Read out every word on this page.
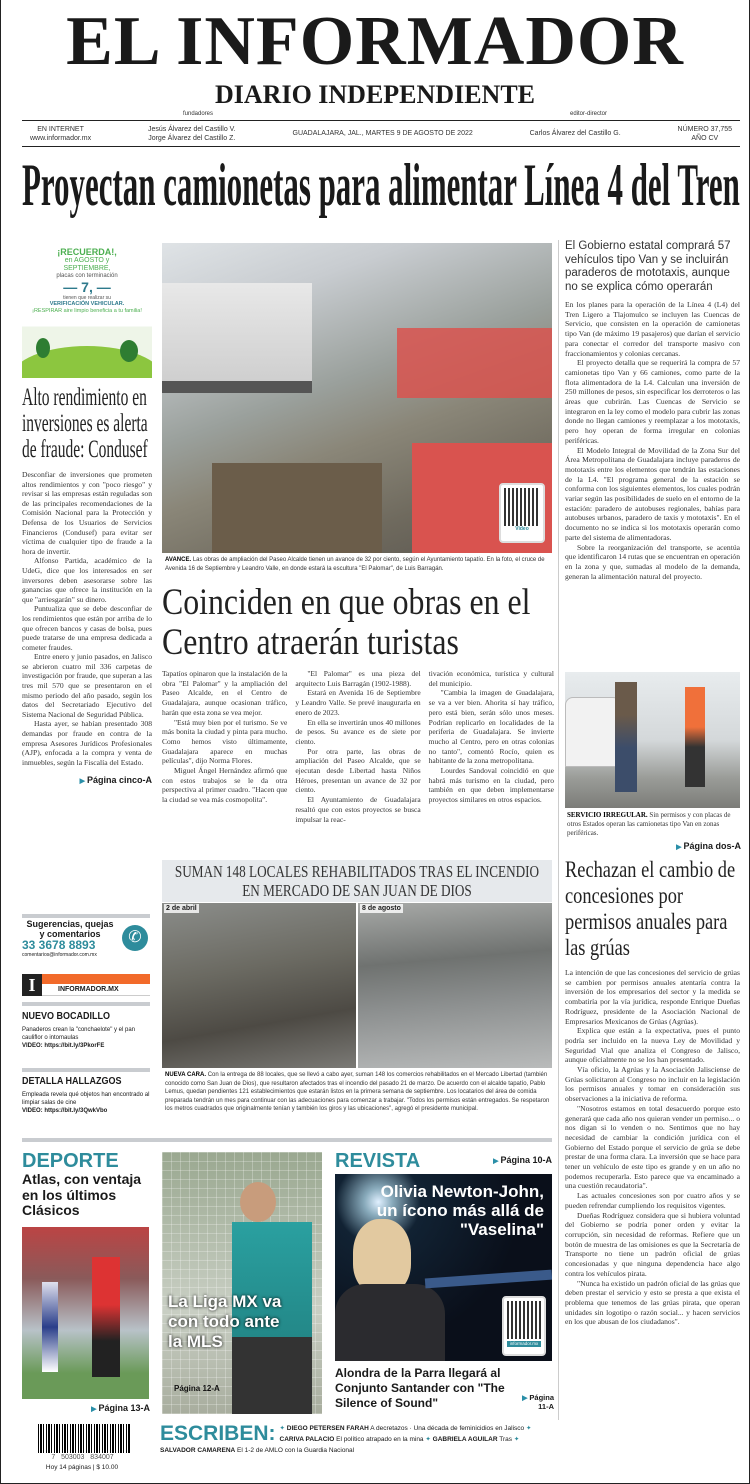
EL INFORMADOR
DIARIO INDEPENDIENTE
fundadores	editor-director
EN INTERNET
www.informador.mx
Jesús Álvarez del Castillo V.
Jorge Álvarez del Castillo Z.
GUADALAJARA, JAL., MARTES 9 DE AGOSTO DE 2022	Carlos Álvarez del Castillo G.
NÚMERO 37,755
AÑO CV
Proyectan camionetas para alimentar Línea 4 del Tren
¡RECUERDA!,
en AGOSTO y
SEPTIEMBRE,
placas con terminación
— 7, —
tienen que realizar su
VERIFICACIÓN VEHICULAR.
¡RESPIRAR aire limpio beneficia a tu familia!
Alto rendimiento en inversiones es alerta de fraude: Condusef

Desconfiar de inversiones que prometen altos rendimientos y con "poco riesgo" y revisar si las empresas están reguladas son de las principales recomendaciones de la Comisión Nacional para la Protección y Defensa de los Usuarios de Servicios Financieros (Condusef) para evitar ser víctima de cualquier tipo de fraude a la hora de invertir.

Alfonso Partida, académico de la UdeG, dice que los interesados en ser inversores deben asesorarse sobre las ganancias que ofrece la institución en la que "arriesgarán" su dinero.

Puntualiza que se debe desconfiar de los rendimientos que están por arriba de lo que ofrecen bancos y casas de bolsa, pues puede tratarse de una empresa dedicada a cometer fraudes.

Entre enero y junio pasados, en Jalisco se abrieron cuatro mil 336 carpetas de investigación por fraude, que superan a las tres mil 570 que se presentaron en el mismo periodo del año pasado, según los datos del Secretariado Ejecutivo del Sistema Nacional de Seguridad Pública.

Hasta ayer, se habían presentado 308 demandas por fraude en contra de la empresa Asesores Jurídicos Profesionales (AJP), enfocada a la compra y venta de inmuebles, según la Fiscalía del Estado.

▶ Página cinco-A
Sugerencias, quejas
y comentarios
33 3678 8893
comentarios@informador.com.mx
✆
I	INFORMADOR.MX
NUEVO BOCADILLO
Panaderos crean la "conchaelote" y el pan cauliflor o intomaulas
VIDEO: https://bit.ly/3PkorFE
DETALLA HALLAZGOS
Empleada revela qué objetos han encontrado al limpiar salas de cine
VIDEO: https://bit.ly/3QwkVbo
Video
AVANCE. Las obras de ampliación del Paseo Alcalde tienen un avance de 32 por ciento, según el Ayuntamiento tapatío. En la foto, el cruce de Avenida 16 de Septiembre y Leandro Valle, en donde estará la escultura "El Palomar", de Luis Barragán.
Coinciden en que obras en el Centro atraerán turistas

Tapatíos opinaron que la instalación de la obra "El Palomar" y la ampliación del Paseo Alcalde, en el Centro de Guadalajara, aunque ocasionan tráfico, harán que esta zona se vea mejor.

"Está muy bien por el turismo. Se ve más bonita la ciudad y pinta para mucho. Como hemos visto últimamente, Guadalajara aparece en muchas películas", dijo Norma Flores.

Miguel Ángel Hernández afirmó que con estos trabajos se le da otra perspectiva al primer cuadro. "Hacen que la ciudad se vea más cosmopolita".

"El Palomar" es una pieza del arquitecto Luis Barragán (1902-1988).

Estará en Avenida 16 de Septiembre y Leandro Valle. Se prevé inaugurarla en enero de 2023.

En ella se invertirán unos 40 millones de pesos. Su avance es de siete por ciento.

Por otra parte, las obras de ampliación del Paseo Alcalde, que se ejecutan desde Libertad hasta Niños Héroes, presentan un avance de 32 por ciento.

El Ayuntamiento de Guadalajara resaltó que con estos proyectos se busca impulsar la reac-

tivación económica, turística y cultural del municipio.

"Cambia la imagen de Guadalajara, se va a ver bien. Ahorita sí hay tráfico, pero está bien, serán sólo unos meses. Podrían replicarlo en localidades de la periferia de Guadalajara. Se invierte mucho al Centro, pero en otras colonias no tanto", comentó Rocío, quien es habitante de la zona metropolitana.

Lourdes Sandoval coincidió en que habrá más turismo en la ciudad, pero también en que deben implementarse proyectos similares en otros espacios.

SUMAN 148 LOCALES REHABILITADOS TRAS EL INCENDIO EN MERCADO DE SAN JUAN DE DIOS
2 de abril	8 de agosto
NUEVA CARA. Con la entrega de 88 locales, que se llevó a cabo ayer, suman 148 los comercios rehabilitados en el Mercado Libertad (también conocido como San Juan de Dios), que resultaron afectados tras el incendio del pasado 21 de marzo. De acuerdo con el alcalde tapatío, Pablo Lemus, quedan pendientes 121 establecimientos que estarán listos en la primera semana de septiembre. Los locatarios del área de comida preparada tendrán un mes para continuar con las adecuaciones para comenzar a trabajar. "Todos los permisos están entregados. Se respetaron los metros cuadrados que originalmente tenían y también los giros y las ubicaciones", agregó el presidente municipal.
El Gobierno estatal comprará 57 vehículos tipo Van y se incluirán paraderos de mototaxis, aunque no se explica cómo operarán

En los planes para la operación de la Línea 4 (L4) del Tren Ligero a Tlajomulco se incluyen las Cuencas de Servicio, que consisten en la operación de camionetas tipo Van (de máximo 19 pasajeros) que darían el servicio para conectar el corredor del transporte masivo con fraccionamientos y colonias cercanas.

El proyecto detalla que se requerirá la compra de 57 camionetas tipo Van y 66 camiones, como parte de la flota alimentadora de la L4. Calculan una inversión de 250 millones de pesos, sin especificar los derroteros o las áreas que cubrirán. Las Cuencas de Servicio se integraron en la ley como el modelo para cubrir las zonas donde no llegan camiones y reemplazar a los mototaxis, pero hoy operan de forma irregular en colonias periféricas.

El Modelo Integral de Movilidad de la Zona Sur del Área Metropolitana de Guadalajara incluye paraderos de mototaxis entre los elementos que tendrán las estaciones de la L4. "El programa general de la estación se conforma con los siguientes elementos, los cuales podrán variar según las posibilidades de suelo en el entorno de la estación: paradero de autobuses regionales, bahías para autobuses urbanos, paradero de taxis y mototaxis". En el documento no se indica si los mototaxis operarán como parte del sistema de alimentadoras.

Sobre la reorganización del transporte, se acentúa que identificaron 14 rutas que se encuentran en operación en la zona y que, sumadas al modelo de la demanda, generan la alimentación natural del proyecto.

SERVICIO IRREGULAR. Sin permisos y con placas de otros Estados operan las camionetas tipo Van en zonas periféricas.
▶ Página dos-A
Rechazan el cambio de concesiones por permisos anuales para las grúas

La intención de que las concesiones del servicio de grúas se cambien por permisos anuales atentaría contra la inversión de los empresarios del sector y la medida se combatiría por la vía jurídica, responde Enrique Dueñas Rodríguez, presidente de la Asociación Nacional de Empresarios Mexicanos de Grúas (Agrúas).

Explica que están a la expectativa, pues el punto podría ser incluido en la nueva Ley de Movilidad y Seguridad Vial que analiza el Congreso de Jalisco, aunque oficialmente no se los han presentado.

Vía oficio, la Agrúas y la Asociación Jalisciense de Grúas solicitaron al Congreso no incluir en la legislación los permisos anuales y tomar en consideración sus observaciones a la iniciativa de reforma.

"Nosotros estamos en total desacuerdo porque esto generará que cada año nos quieran vender un permiso... o nos digan si lo venden o no. Sentimos que no hay necesidad de cambiar la condición jurídica con el Gobierno del Estado porque el servicio de grúa se debe prestar de una forma clara. La inversión que se hace para tener un vehículo de este tipo es grande y en un año no podemos recuperarla. Esto parece que va encaminado a una cuestión recaudatoria".

Las actuales concesiones son por cuatro años y se pueden refrendar cumpliendo los requisitos vigentes.

Dueñas Rodríguez considera que si hubiera voluntad del Gobierno se podría poner orden y evitar la corrupción, sin necesidad de reformas. Refiere que un botón de muestra de las omisiones es que la Secretaría de Transporte no tiene un padrón oficial de grúas concesionadas y que ninguna dependencia hace algo contra los vehículos pirata.

"Nunca ha existido un padrón oficial de las grúas que deben prestar el servicio y esto se presta a que exista el problema que tenemos de las grúas pirata, que operan unidades sin logotipo o razón social... y hacen servicios en los que abusan de los ciudadanos".

DEPORTE
Atlas, con ventaja en los últimos Clásicos
▶ Página 13-A
La Liga MX va con todo ante la MLS
Página 12-A
REVISTA	▶ Página 10-A
Olivia Newton-John, un ícono más allá de "Vaselina"
informador.mx
Alondra de la Parra llegará al Conjunto Santander con "The Silence of Sound"	▶ Página 11-A
7   503003   834007
Hoy 14 páginas | $ 10.00
ESCRIBEN: ✦ DIEGO PETERSEN FARAH A decretazos · Una década de feminicidios en Jalisco ✦ CARIVA PALACIO El político atrapado en la mina ✦ GABRIELA AGUILAR Tras ✦ SALVADOR CAMARENA El 1-2 de AMLO con la Guardia Nacional
